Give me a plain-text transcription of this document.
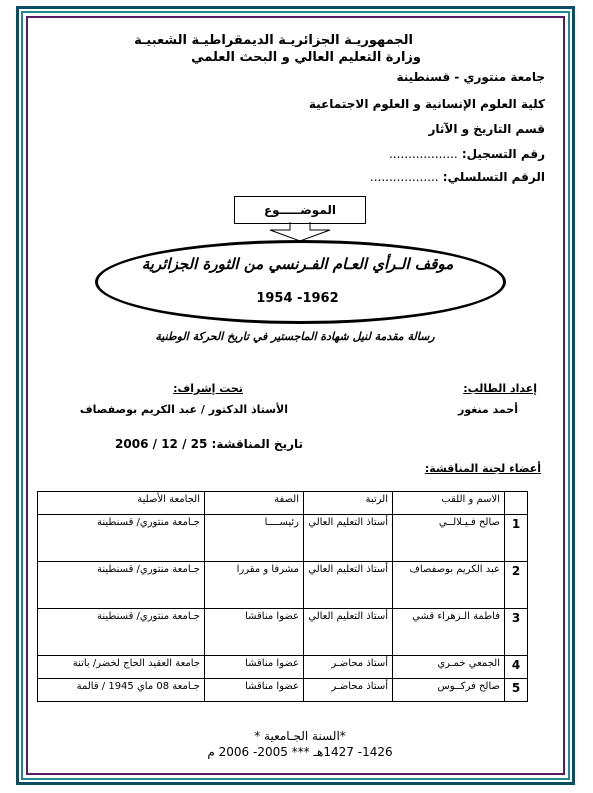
الجمهوريـة الجزائريـة الديمقراطيـة الشعبيـة
وزارة التعليم العالي و البحث العلمي
جامعة منتوري - قسنطينة
كلية العلوم الإنسانية و العلوم الاجتماعية
قسم التاريخ و الآثار
رقم التسجيل: ..................
الرقم التسلسلي: ..................
الموضـــــوع
موقف الـرأي العـام الفـرنسي من الثورة الجزائرية
1954 -1962
رسالة مقدمة لنيل شهادة الماجستير في تاريخ الحركة الوطنية
إعداد الطالب:
أحمد منغور
تحت إشراف:
الأستاذ الدكتور / عبد الكريم بوصفصاف
تاريخ المناقشة: 25 / 12 / 2006
أعضاء لجنة المناقشة:
	الاسم و اللقب	الرتبة	الصفة	الجامعة الأصلية
1	صالح فـيـلالــي	أستاذ التعليم العالي	رئيســــا	جـامعة منتوري/ قسنطينة
2	عبد الكريم بوصفصاف	أستاذ التعليم العالي	مشرفا و مقررا	جـامعة منتوري/ قسنطينة
3	فاطمة الـزهراء قشي	أستاذ التعليم العالي	عضوا مناقشا	جـامعة منتوري/ قسنطينة
4	الجمعي خمـري	أستاذ محاضـر	عضوا مناقشا	جامعة العقيد الحاج لخضر/ باتنة
5	صالح فركــوس	أستاذ محاضـر	عضوا مناقشا	جـامعة 08 ماي 1945 / قالمة
*السنة الجـامعية *
1426- 1427هـ *** 2005- 2006 م
